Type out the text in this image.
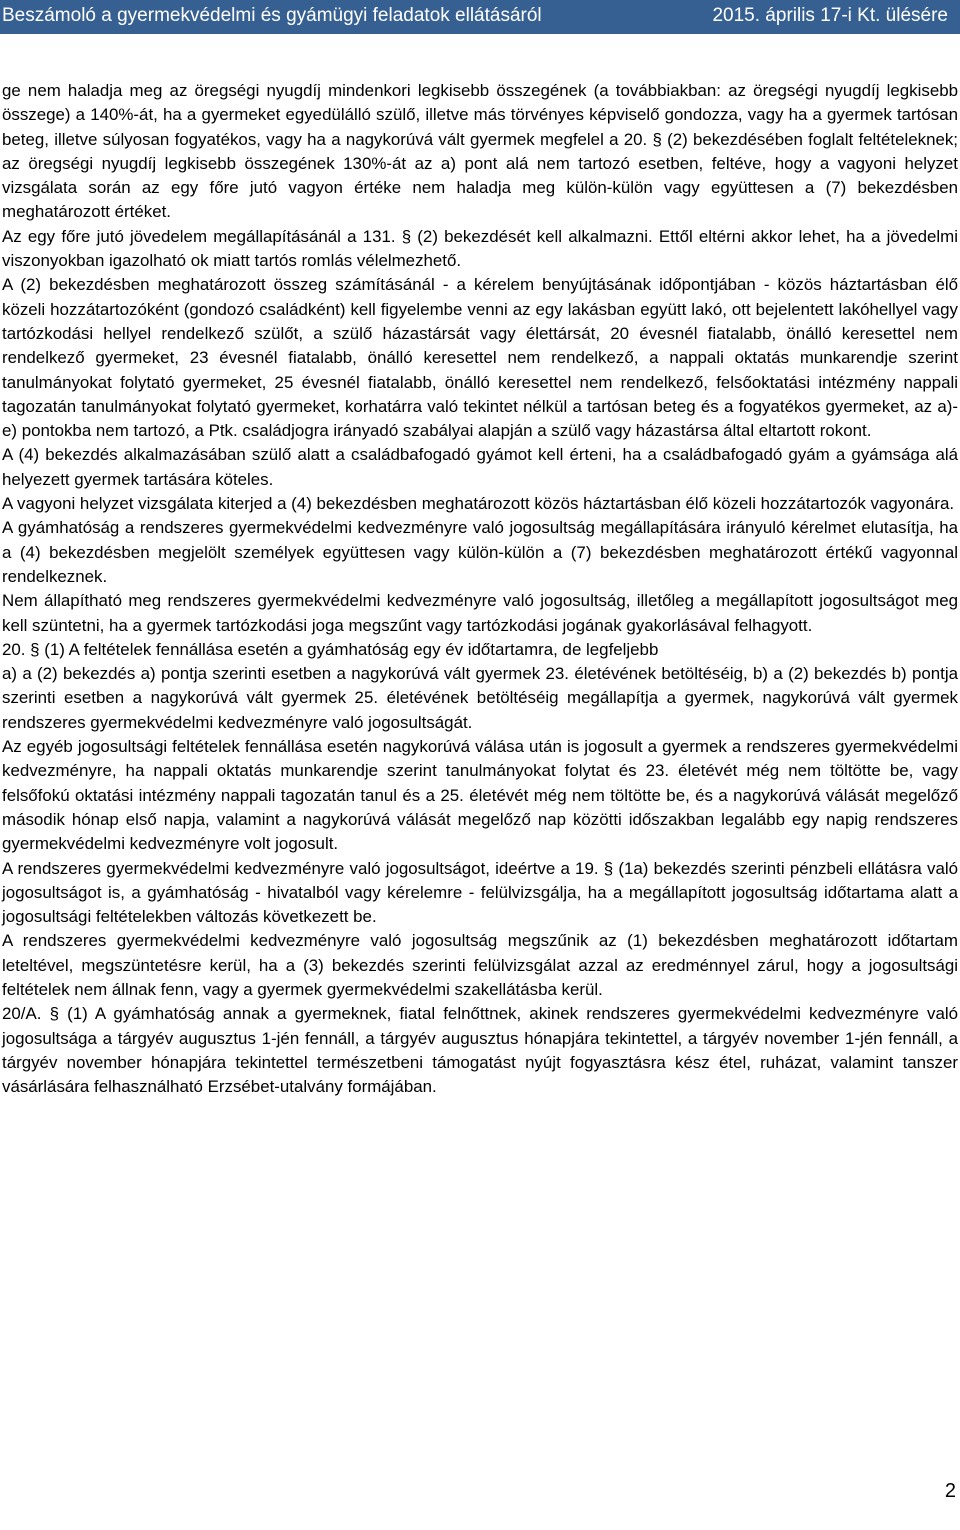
Beszámoló a gyermekvédelmi és gyámügyi feladatok ellátásáról	2015. április 17-i Kt. ülésére

ge nem haladja meg az öregségi nyugdíj mindenkori legkisebb összegének (a továbbiakban: az öregségi nyugdíj legkisebb összege) a 140%-át, ha a gyermeket egyedülálló szülő, illetve más törvényes képviselő gondozza, vagy ha a gyermek tartósan beteg, illetve súlyosan fogyatékos, vagy ha a nagykorúvá vált gyermek megfelel a 20. § (2) bekezdésében foglalt feltételeknek; az öregségi nyugdíj legkisebb összegének 130%-át az a) pont alá nem tartozó esetben, feltéve, hogy a vagyoni helyzet vizsgálata során az egy főre jutó vagyon értéke nem haladja meg külön-külön vagy együttesen a (7) bekezdésben meghatározott értéket.

Az egy főre jutó jövedelem megállapításánál a 131. § (2) bekezdését kell alkalmazni. Ettől eltérni akkor lehet, ha a jövedelmi viszonyokban igazolható ok miatt tartós romlás vélelmezhető.

A (2) bekezdésben meghatározott összeg számításánál - a kérelem benyújtásának időpontjában - közös háztartásban élő közeli hozzátartozóként (gondozó családként) kell figyelembe venni az egy lakásban együtt lakó, ott bejelentett lakóhellyel vagy tartózkodási hellyel rendelkező szülőt, a szülő házastársát vagy élettársát, 20 évesnél fiatalabb, önálló keresettel nem rendelkező gyermeket, 23 évesnél fiatalabb, önálló keresettel nem rendelkező, a nappali oktatás munkarendje szerint tanulmányokat folytató gyermeket, 25 évesnél fiatalabb, önálló keresettel nem rendelkező, felsőoktatási intézmény nappali tagozatán tanulmányokat folytató gyermeket, korhatárra való tekintet nélkül a tartósan beteg és a fogyatékos gyermeket, az a)-e) pontokba nem tartozó, a Ptk. családjogra irányadó szabályai alapján a szülő vagy házastársa által eltartott rokont.

A (4) bekezdés alkalmazásában szülő alatt a családbafogadó gyámot kell érteni, ha a családbafogadó gyám a gyámsága alá helyezett gyermek tartására köteles.

A vagyoni helyzet vizsgálata kiterjed a (4) bekezdésben meghatározott közös háztartásban élő közeli hozzátartozók vagyonára.

A gyámhatóság a rendszeres gyermekvédelmi kedvezményre való jogosultság megállapítására irányuló kérelmet elutasítja, ha a (4) bekezdésben megjelölt személyek együttesen vagy külön-külön a (7) bekezdésben meghatározott értékű vagyonnal rendelkeznek.

Nem állapítható meg rendszeres gyermekvédelmi kedvezményre való jogosultság, illetőleg a megállapított jogosultságot meg kell szüntetni, ha a gyermek tartózkodási joga megszűnt vagy tartózkodási jogának gyakorlásával felhagyott.

20. § (1) A feltételek fennállása esetén a gyámhatóság egy év időtartamra, de legfeljebb

a) a (2) bekezdés a) pontja szerinti esetben a nagykorúvá vált gyermek 23. életévének betöltéséig, b) a (2) bekezdés b) pontja szerinti esetben a nagykorúvá vált gyermek 25. életévének betöltéséig megállapítja a gyermek, nagykorúvá vált gyermek rendszeres gyermekvédelmi kedvezményre való jogosultságát.

Az egyéb jogosultsági feltételek fennállása esetén nagykorúvá válása után is jogosult a gyermek a rendszeres gyermekvédelmi kedvezményre, ha nappali oktatás munkarendje szerint tanulmányokat folytat és 23. életévét még nem töltötte be, vagy felsőfokú oktatási intézmény nappali tagozatán tanul és a 25. életévét még nem töltötte be, és a nagykorúvá válását megelőző második hónap első napja, valamint a nagykorúvá válását megelőző nap közötti időszakban legalább egy napig rendszeres gyermekvédelmi kedvezményre volt jogosult.

A rendszeres gyermekvédelmi kedvezményre való jogosultságot, ideértve a 19. § (1a) bekezdés szerinti pénzbeli ellátásra való jogosultságot is, a gyámhatóság - hivatalból vagy kérelemre - felülvizsgálja, ha a megállapított jogosultság időtartama alatt a jogosultsági feltételekben változás következett be.

A rendszeres gyermekvédelmi kedvezményre való jogosultság megszűnik az (1) bekezdésben meghatározott időtartam leteltével, megszüntetésre kerül, ha a (3) bekezdés szerinti felülvizsgálat azzal az eredménnyel zárul, hogy a jogosultsági feltételek nem állnak fenn, vagy a gyermek gyermekvédelmi szakellátásba kerül.

20/A. § (1) A gyámhatóság annak a gyermeknek, fiatal felnőttnek, akinek rendszeres gyermekvédelmi kedvezményre való jogosultsága a tárgyév augusztus 1-jén fennáll, a tárgyév augusztus hónapjára tekintettel, a tárgyév november 1-jén fennáll, a tárgyév november hónapjára tekintettel természetbeni támogatást nyújt fogyasztásra kész étel, ruházat, valamint tanszer vásárlására felhasználható Erzsébet-utalvány formájában.

2
